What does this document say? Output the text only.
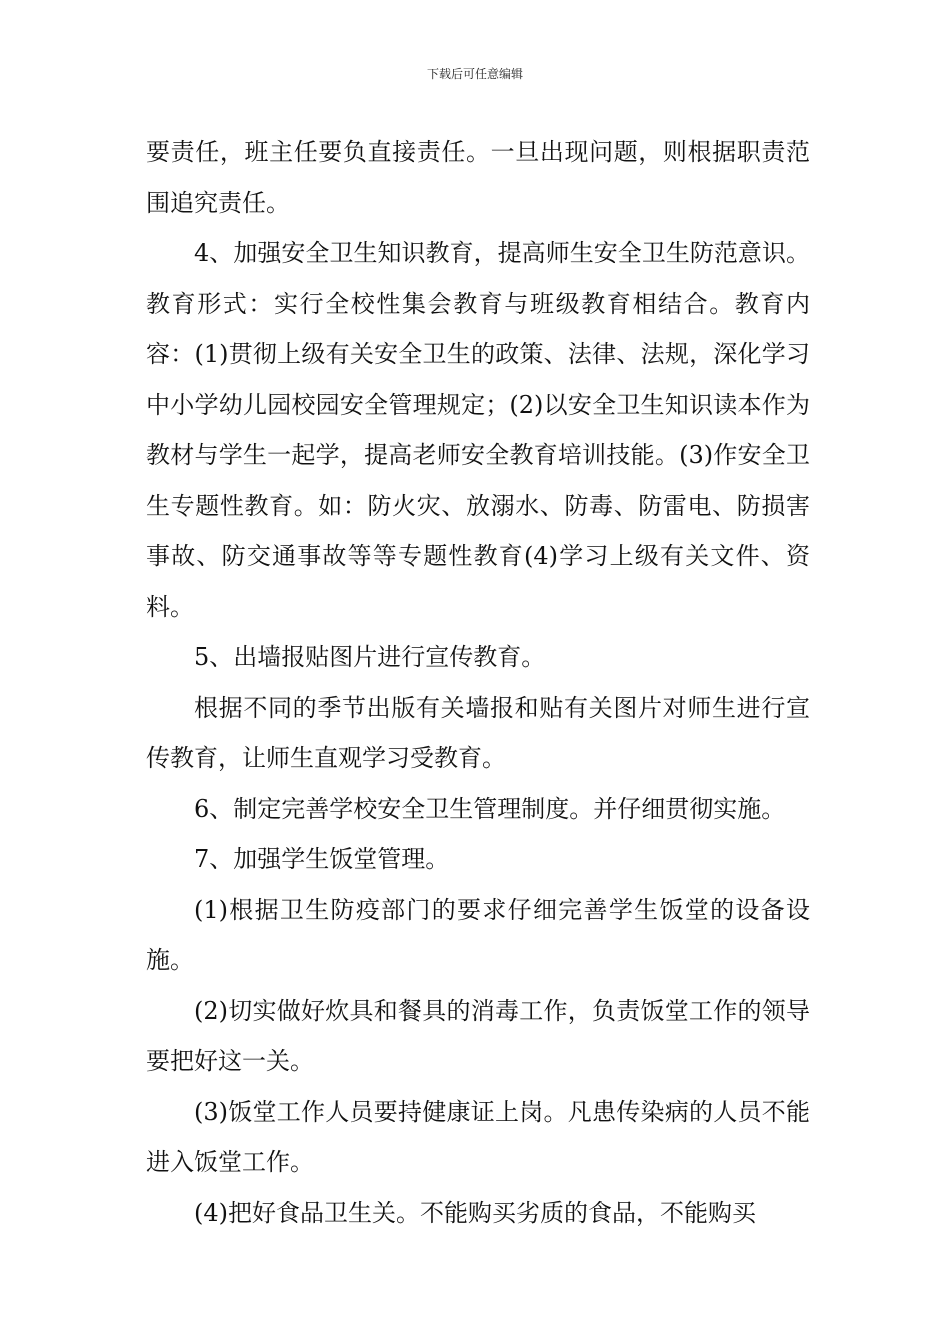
下载后可任意编辑

要责任，班主任要负直接责任。一旦出现问题，则根据职责范围追究责任。

4、加强安全卫生知识教育，提高师生安全卫生防范意识。教育形式：实行全校性集会教育与班级教育相结合。教育内容：(1)贯彻上级有关安全卫生的政策、法律、法规，深化学习中小学幼儿园校园安全管理规定；(2)以安全卫生知识读本作为教材与学生一起学，提高老师安全教育培训技能。(3)作安全卫生专题性教育。如：防火灾、放溺水、防毒、防雷电、防损害事故、防交通事故等等专题性教育(4)学习上级有关文件、资料。

5、出墙报贴图片进行宣传教育。

根据不同的季节出版有关墙报和贴有关图片对师生进行宣传教育，让师生直观学习受教育。

6、制定完善学校安全卫生管理制度。并仔细贯彻实施。

7、加强学生饭堂管理。

(1)根据卫生防疫部门的要求仔细完善学生饭堂的设备设施。

(2)切实做好炊具和餐具的消毒工作，负责饭堂工作的领导要把好这一关。

(3)饭堂工作人员要持健康证上岗。凡患传染病的人员不能进入饭堂工作。

(4)把好食品卫生关。不能购买劣质的食品，不能购买
